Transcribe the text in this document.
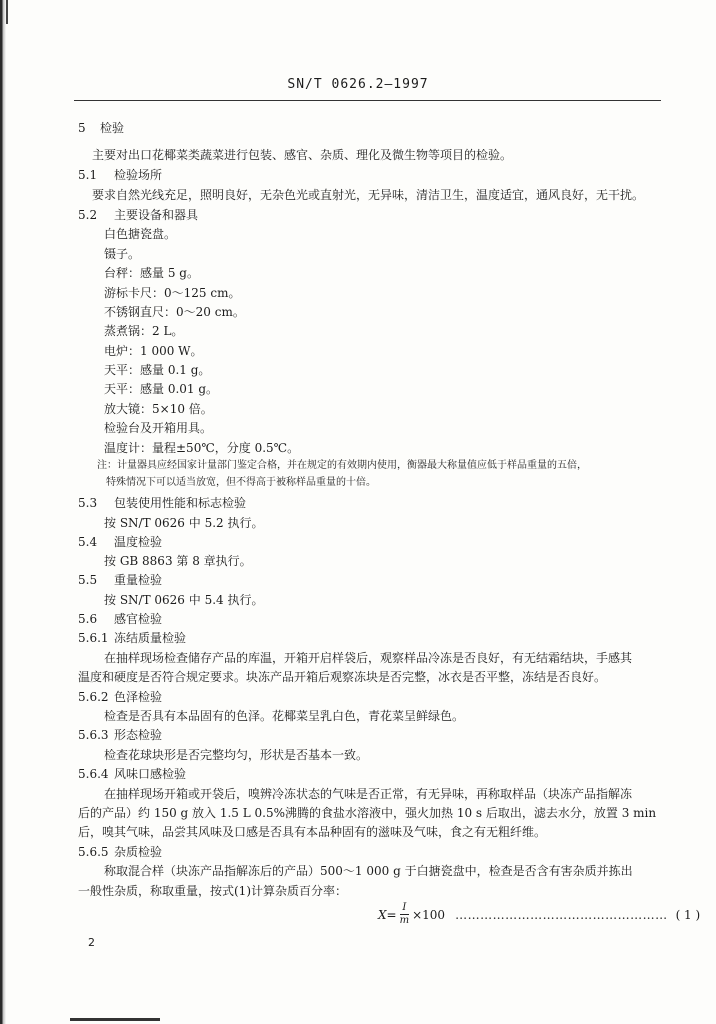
SN/T 0626.2—1997
5 检验
主要对出口花椰菜类蔬菜进行包装、感官、杂质、理化及微生物等项目的检验。
5.1 检验场所
要求自然光线充足，照明良好，无杂色光或直射光，无异味，清洁卫生，温度适宜，通风良好，无干扰。
5.2 主要设备和器具
白色搪瓷盘。
镊子。
台秤：感量 5 g。
游标卡尺：0～125 cm。
不锈钢直尺：0～20 cm。
蒸煮锅：2 L。
电炉：1 000 W。
天平：感量 0.1 g。
天平：感量 0.01 g。
放大镜：5×10 倍。
检验台及开箱用具。
温度计：量程±50℃，分度 0.5℃。
注：计量器具应经国家计量部门鉴定合格，并在规定的有效期内使用，衡器最大称量值应低于样品重量的五倍，
特殊情况下可以适当放宽，但不得高于被称样品重量的十倍。
5.3 包装使用性能和标志检验
按 SN/T 0626 中 5.2 执行。
5.4 温度检验
按 GB 8863 第 8 章执行。
5.5 重量检验
按 SN/T 0626 中 5.4 执行。
5.6 感官检验
5.6.1 冻结质量检验
在抽样现场检查储存产品的库温，开箱开启样袋后，观察样品冷冻是否良好，有无结霜结块，手感其
温度和硬度是否符合规定要求。块冻产品开箱后观察冻块是否完整，冰衣是否平整，冻结是否良好。
5.6.2 色泽检验
检查是否具有本品固有的色泽。花椰菜呈乳白色，青花菜呈鲜绿色。
5.6.3 形态检验
检查花球块形是否完整均匀，形状是否基本一致。
5.6.4 风味口感检验
在抽样现场开箱或开袋后，嗅辨冷冻状态的气味是否正常，有无异味，再称取样品（块冻产品指解冻
后的产品）约 150 g 放入 1.5 L 0.5%沸腾的食盐水溶液中，强火加热 10 s 后取出，滤去水分，放置 3 min
后，嗅其气味，品尝其风味及口感是否具有本品种固有的滋味及气味，食之有无粗纤维。
5.6.5 杂质检验
称取混合样（块冻产品指解冻后的产品）500～1 000 g 于白搪瓷盘中，检查是否含有害杂质并拣出
一般性杂质，称取重量，按式(1)计算杂质百分率：
$X = \frac{I}{m} \times 100$ …………………………………………… ( 1 )
2
